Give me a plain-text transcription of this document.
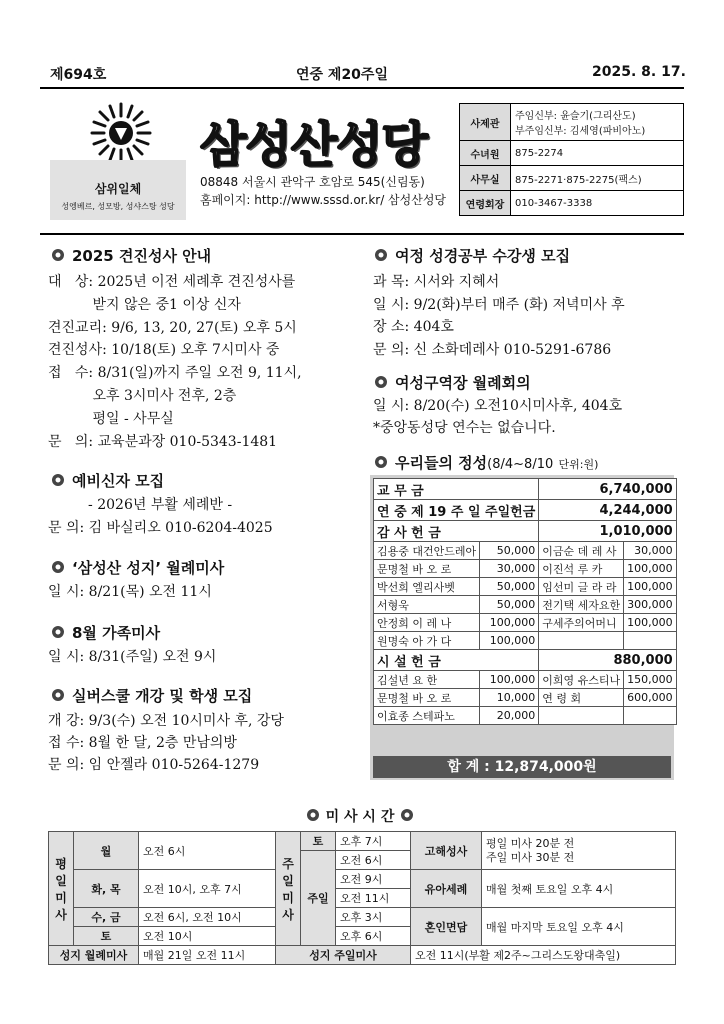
제694호	연중 제20주일	2025. 8. 17.
삼위일체
성엥베르, 성모방, 성샤스탕 성당
삼성산성당
08848 서울시 관악구 호암로 545(신림동)
홈페이지: http://www.sssd.or.kr/ 삼성산성당
사제관	주임신부: 윤슬기(그리산도)
부주임신부: 김세영(파비아노)
수녀원	875-2274
사무실	875-2271·875-2275(팩스)
연령회장	010-3467-3338
2025 견진성사 안내
예비신자 모집
‘삼성산 성지’ 월례미사
8월 가족미사
실버스쿨 개강 및 학생 모집
여정 성경공부 수강생 모집
여성구역장 월례회의
우리들의 정성(8/4~8/10 단위:원)
교 무 금		6,740,000	
연 중 제 19 주 일 주일헌금		4,244,000	
감 사 헌 금		1,010,000	
김용중 대건안드레아	50,000	이금순 데 레 사	30,000
문명철 바 오 로	30,000	이진석 루 카	100,000
박선희 엘리사벳	50,000	임선미 글 라 라	100,000
서형욱	50,000	전기택 세자요한	300,000
안정희 이 레 나	100,000	구세주의어머니	100,000
원명숙 아 가 다	100,000		
시 설 헌 금		880,000	
김설년 요 한	100,000	이희영 유스티나	150,000
문명철 바 오 로	10,000	연 령 회	600,000
이효종 스테파노	20,000		
합 계 : 12,874,000원
미 사 시 간
평일미사	월	오전 6시	주일미사	토	오후 7시	고해성사	평일 미사 20분 전
주일 미사 30분 전
				주일	오전 6시		
	화, 목	오전 10시, 오후 7시			오전 9시	유아세례	매월 첫째 토요일 오후 4시
					오전 11시		
	수, 금	오전 6시, 오전 10시			오후 3시	혼인면담	매월 마지막 토요일 오후 4시
	토	오전 10시			오후 6시		
성지 월례미사		매월 21일 오전 11시	성지 주일미사			오전 11시(부활 제2주~그리스도왕대축일)	
대   상: 2025년 이전 세례후 견진성사를
받지 않은 중1 이상 신자
견진교리: 9/6, 13, 20, 27(토) 오후 5시
견진성사: 10/18(토) 오후 7시미사 중
접   수: 8/31(일)까지 주일 오전 9, 11시,
오후 3시미사 전후, 2층
평일 - 사무실
문   의: 교육분과장 010-5343-1481
- 2026년 부활 세례반 -
문 의: 김 바실리오 010-6204-4025
일 시: 8/21(목) 오전 11시
일 시: 8/31(주일) 오전 9시
개 강: 9/3(수) 오전 10시미사 후, 강당
접 수: 8월 한 달, 2층 만남의방
문 의: 임 안젤라 010-5264-1279
과 목: 시서와 지혜서
일 시: 9/2(화)부터 매주 (화) 저녁미사 후
장 소: 404호
문 의: 신 소화데레사 010-5291-6786
일 시: 8/20(수) 오전10시미사후, 404호
*중앙동성당 연수는 없습니다.
